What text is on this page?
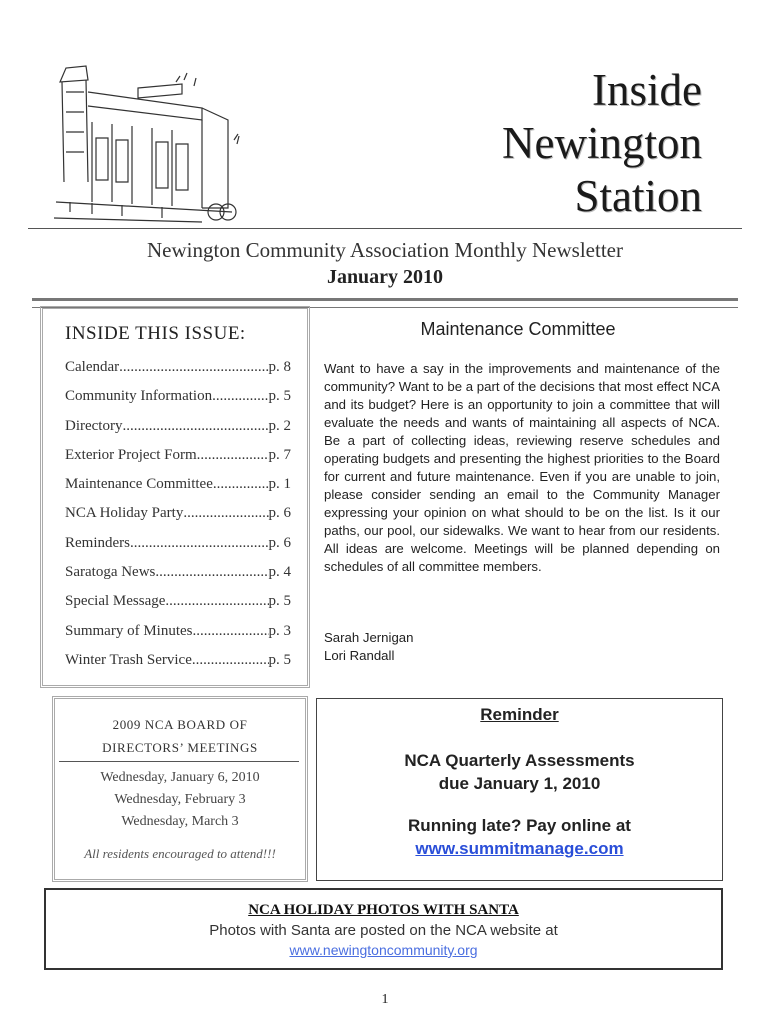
Inside
Newington
Station
Newington Community Association Monthly Newsletter
January 2010
INSIDE THIS ISSUE:
Calendar .....	p. 8
Community Information .....	p. 5
Directory .....	p. 2
Exterior Project Form .....	p. 7
Maintenance Committee .....	p. 1
NCA Holiday Party .....	p. 6
Reminders .....	p. 6
Saratoga News .....	p. 4
Special Message .....	p. 5
Summary of Minutes .....	p. 3
Winter Trash Service .....	p. 5
2009 NCA BOARD OF
DIRECTORS’ MEETINGS
Wednesday, January 6, 2010
Wednesday, February 3
Wednesday, March 3
All residents encouraged to attend!!!
Maintenance Committee
Want to have a say in the improvements and maintenance of the community? Want to be a part of the decisions that most effect NCA and its budget? Here is an opportunity to join a committee that will evaluate the needs and wants of maintaining all aspects of NCA. Be a part of collecting ideas, reviewing reserve schedules and operating budgets and presenting the highest priorities to the Board for current and future maintenance. Even if you are unable to join, please consider sending an email to the Community Manager expressing your opinion on what should to be on the list. Is it our paths, our pool, our sidewalks. We want to hear from our residents. All ideas are welcome. Meetings will be planned depending on schedules of all committee members.
Sarah Jernigan
Lori Randall
Reminder
NCA Quarterly Assessments
due January 1, 2010
Running late? Pay online at
www.summitmanage.com
NCA HOLIDAY PHOTOS WITH SANTA
Photos with Santa are posted on the NCA website at
www.newingtoncommunity.org
1
